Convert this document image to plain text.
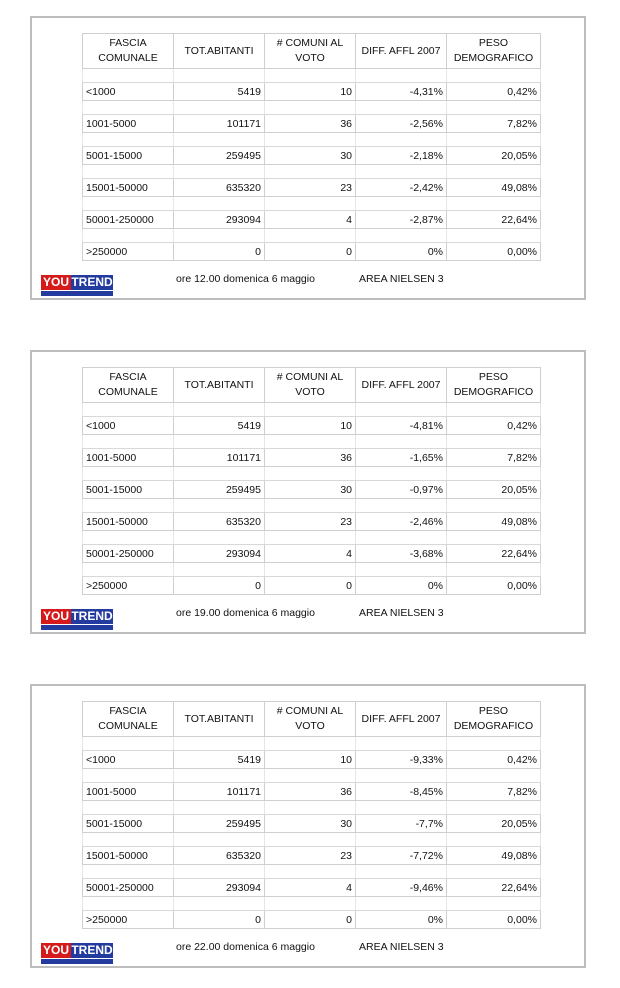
FASCIA COMUNALE	TOT.ABITANTI	# COMUNI AL VOTO	DIFF. AFFL 2007	PESO DEMOGRAFICO

<1000	5419	10	-4,31%	0,42%

1001-5000	101171	36	-2,56%	7,82%

5001-15000	259495	30	-2,18%	20,05%

15001-50000	635320	23	-2,42%	49,08%

50001-250000	293094	4	-2,87%	22,64%

>250000	0	0	0%	0,00%
YOU TREND	ore 12.00 domenica 6 maggio	AREA NIELSEN 3
FASCIA COMUNALE	TOT.ABITANTI	# COMUNI AL VOTO	DIFF. AFFL 2007	PESO DEMOGRAFICO

<1000	5419	10	-4,81%	0,42%

1001-5000	101171	36	-1,65%	7,82%

5001-15000	259495	30	-0,97%	20,05%

15001-50000	635320	23	-2,46%	49,08%

50001-250000	293094	4	-3,68%	22,64%

>250000	0	0	0%	0,00%
YOU TREND	ore 19.00 domenica 6 maggio	AREA NIELSEN 3
FASCIA COMUNALE	TOT.ABITANTI	# COMUNI AL VOTO	DIFF. AFFL 2007	PESO DEMOGRAFICO

<1000	5419	10	-9,33%	0,42%

1001-5000	101171	36	-8,45%	7,82%

5001-15000	259495	30	-7,7%	20,05%

15001-50000	635320	23	-7,72%	49,08%

50001-250000	293094	4	-9,46%	22,64%

>250000	0	0	0%	0,00%
YOU TREND	ore 22.00 domenica 6 maggio	AREA NIELSEN 3
